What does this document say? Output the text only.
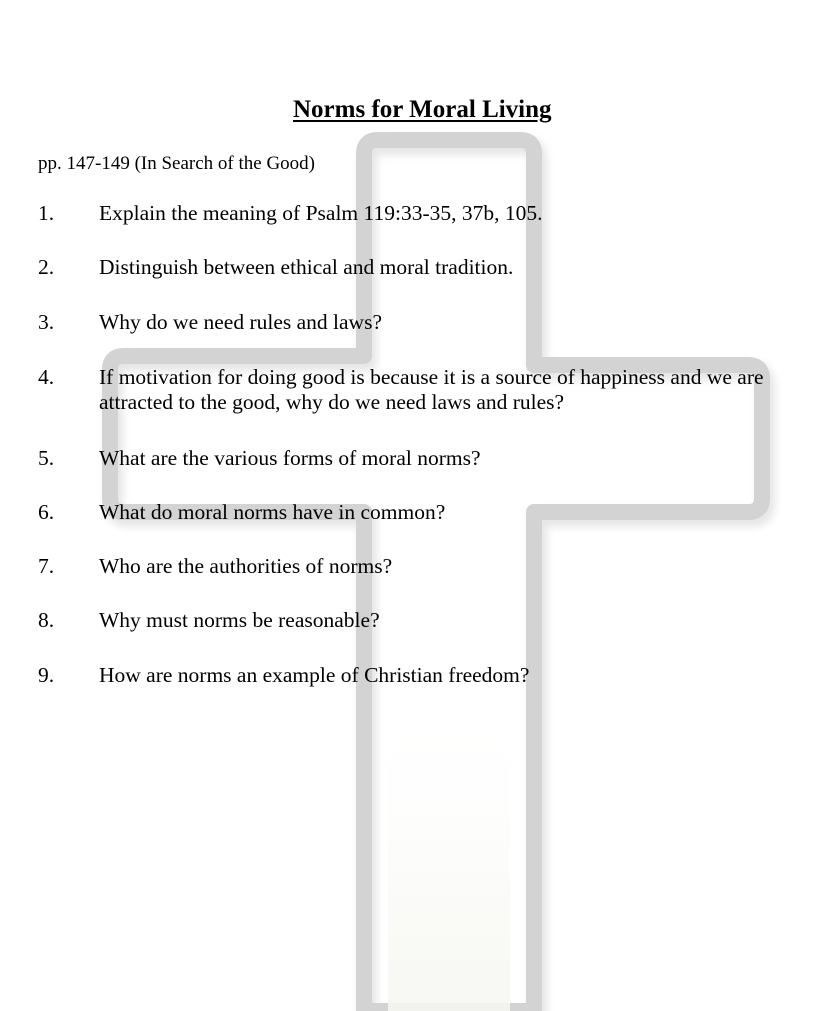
Norms for Moral Living

pp. 147-149 (In Search of the Good)

1. Explain the meaning of Psalm 119:33-35, 37b, 105.
2. Distinguish between ethical and moral tradition.
3. Why do we need rules and laws?
4. If motivation for doing good is because it is a source of happiness and we are attracted to the good, why do we need laws and rules?
5. What are the various forms of moral norms?
6. What do moral norms have in common?
7. Who are the authorities of norms?
8. Why must norms be reasonable?
9. How are norms an example of Christian freedom?
